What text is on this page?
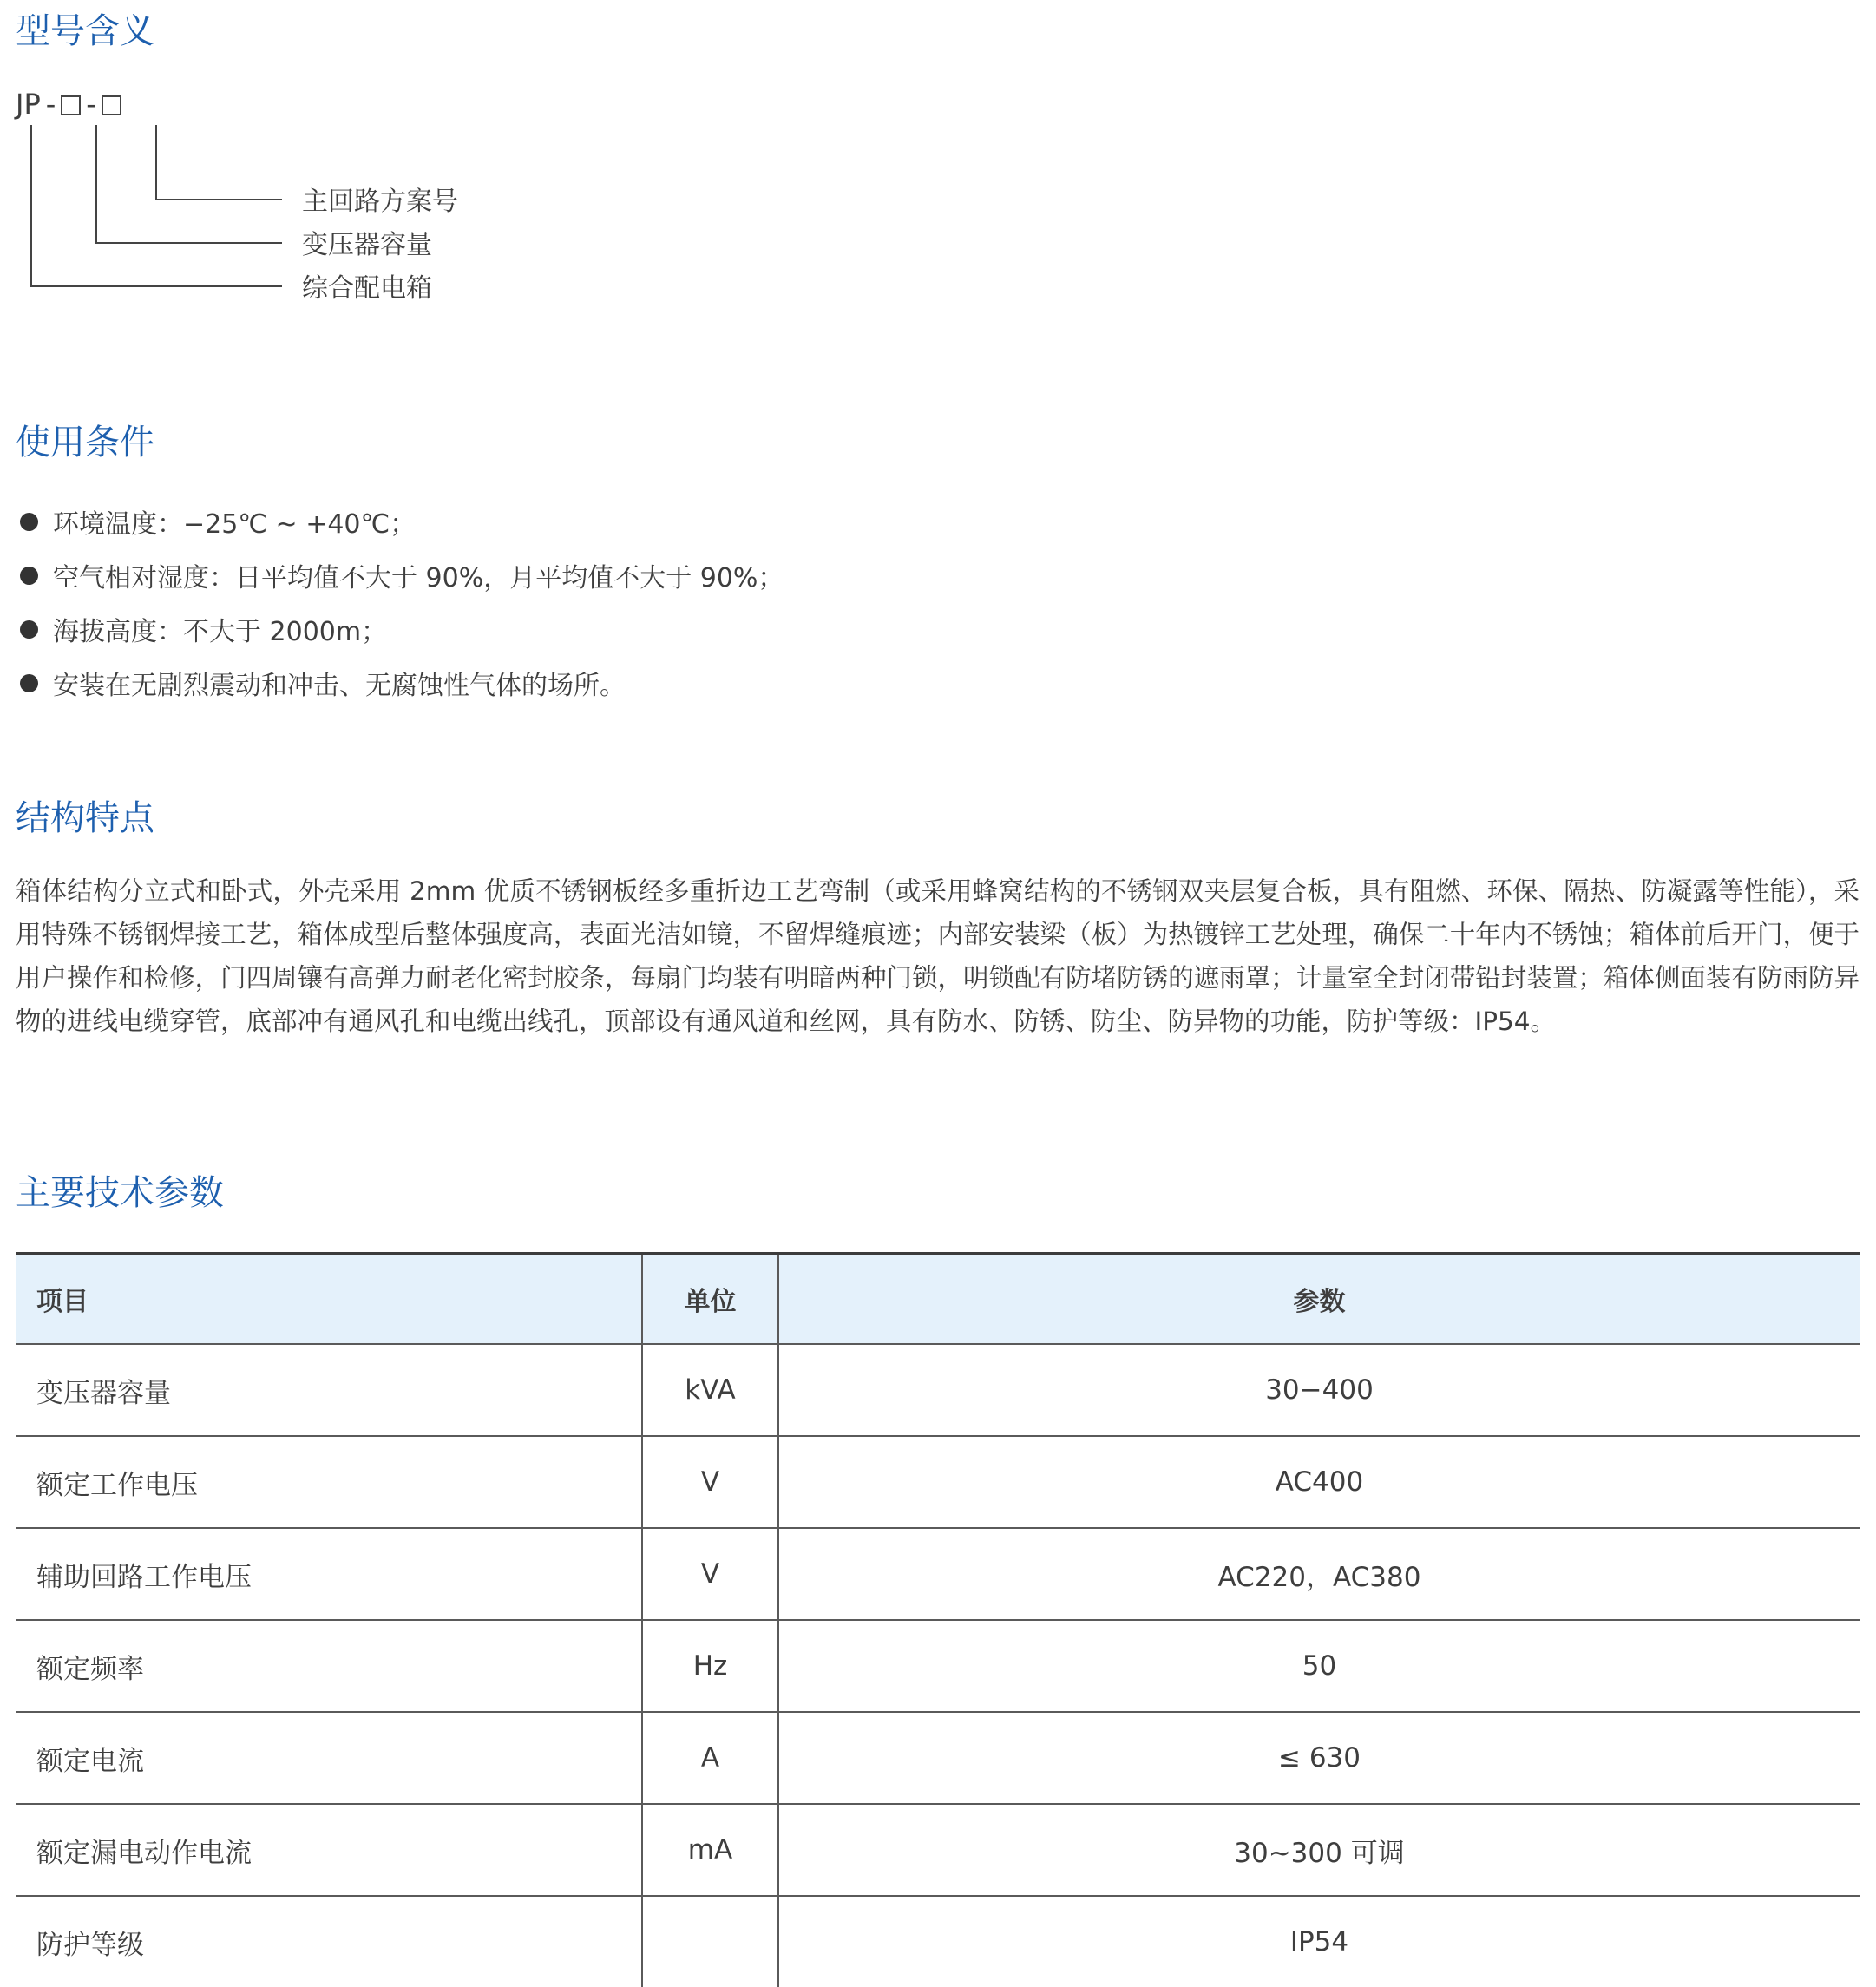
型号含义
JP - -
主回路方案号
变压器容量
综合配电箱
使用条件
环境温度：−25℃ ~ +40℃；
空气相对湿度：日平均值不大于 90%，月平均值不大于 90%；
海拔高度：不大于 2000m；
安装在无剧烈震动和冲击、无腐蚀性气体的场所。
结构特点

箱体结构分立式和卧式，外壳采用 2mm 优质不锈钢板经多重折边工艺弯制（或采用蜂窝结构的不锈钢双夹层复合板，具有阻燃、环保、隔热、防凝露等性能），采用特殊不锈钢焊接工艺，箱体成型后整体强度高，表面光洁如镜，不留焊缝痕迹；内部安装梁（板）为热镀锌工艺处理，确保二十年内不锈蚀；箱体前后开门，便于用户操作和检修，门四周镶有高弹力耐老化密封胶条，每扇门均装有明暗两种门锁，明锁配有防堵防锈的遮雨罩；计量室全封闭带铅封装置；箱体侧面装有防雨防异物的进线电缆穿管，底部冲有通风孔和电缆出线孔，顶部设有通风道和丝网，具有防水、防锈、防尘、防异物的功能，防护等级：IP54。

主要技术参数
项目	单位	参数
变压器容量	kVA	30−400
额定工作电压	V	AC400
辅助回路工作电压	V	AC220，AC380
额定频率	Hz	50
额定电流	A	≤ 630
额定漏电动作电流	mA	30~300 可调
防护等级		IP54
